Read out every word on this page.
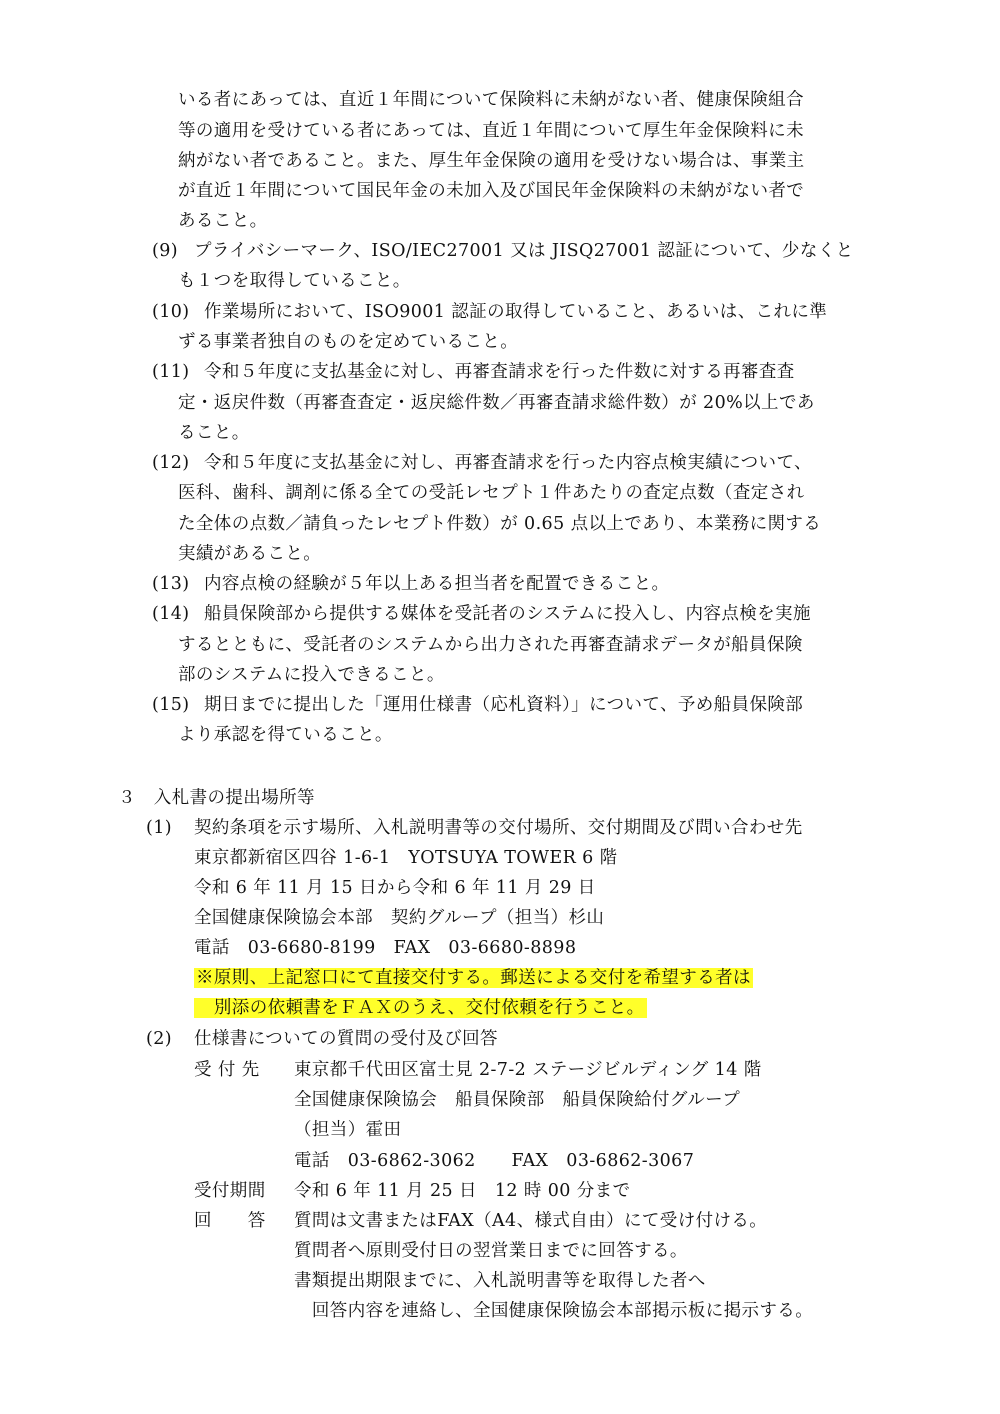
いる者にあっては、直近１年間について保険料に未納がない者、健康保険組合
等の適用を受けている者にあっては、直近１年間について厚生年金保険料に未
納がない者であること。また、厚生年金保険の適用を受けない場合は、事業主
が直近１年間について国民年金の未加入及び国民年金保険料の未納がない者で
あること。
(9) プライバシーマーク、ISO/IEC27001 又は JISQ27001 認証について、少なくと
も１つを取得していること。
(10) 作業場所において、ISO9001 認証の取得していること、あるいは、これに準
ずる事業者独自のものを定めていること。
(11) 令和５年度に支払基金に対し、再審査請求を行った件数に対する再審査査
定・返戻件数（再審査査定・返戻総件数／再審査請求総件数）が 20%以上であ
ること。
(12) 令和５年度に支払基金に対し、再審査請求を行った内容点検実績について、
医科、歯科、調剤に係る全ての受託レセプト１件あたりの査定点数（査定され
た全体の点数／請負ったレセプト件数）が 0.65 点以上であり、本業務に関する
実績があること。
(13) 内容点検の経験が５年以上ある担当者を配置できること。
(14) 船員保険部から提供する媒体を受託者のシステムに投入し、内容点検を実施
するとともに、受託者のシステムから出力された再審査請求データが船員保険
部のシステムに投入できること。
(15) 期日までに提出した「運用仕様書（応札資料）」について、予め船員保険部
より承認を得ていること。
３　入札書の提出場所等
(1) 契約条項を示す場所、入札説明書等の交付場所、交付期間及び問い合わせ先
東京都新宿区四谷 1-6-1　YOTSUYA TOWER 6 階
令和 6 年 11 月 15 日から令和 6 年 11 月 29 日
全国健康保険協会本部　契約グループ（担当）杉山
電話　03-6680-8199　FAX　03-6680-8898
※原則、上記窓口にて直接交付する。郵送による交付を希望する者は
　別添の依頼書をＦＡＸのうえ、交付依頼を行うこと。
(2) 仕様書についての質問の受付及び回答
受 付 先 東京都千代田区富士見 2-7-2 ステージビルディング 14 階
全国健康保険協会　船員保険部　船員保険給付グループ
（担当）霍田
電話　03-6862-3062　　FAX　03-6862-3067
受付期間 令和 6 年 11 月 25 日　12 時 00 分まで
回　　答 質問は文書またはFAX（A4、様式自由）にて受け付ける。
質問者へ原則受付日の翌営業日までに回答する。
書類提出期限までに、入札説明書等を取得した者へ
　回答内容を連絡し、全国健康保険協会本部掲示板に掲示する。
